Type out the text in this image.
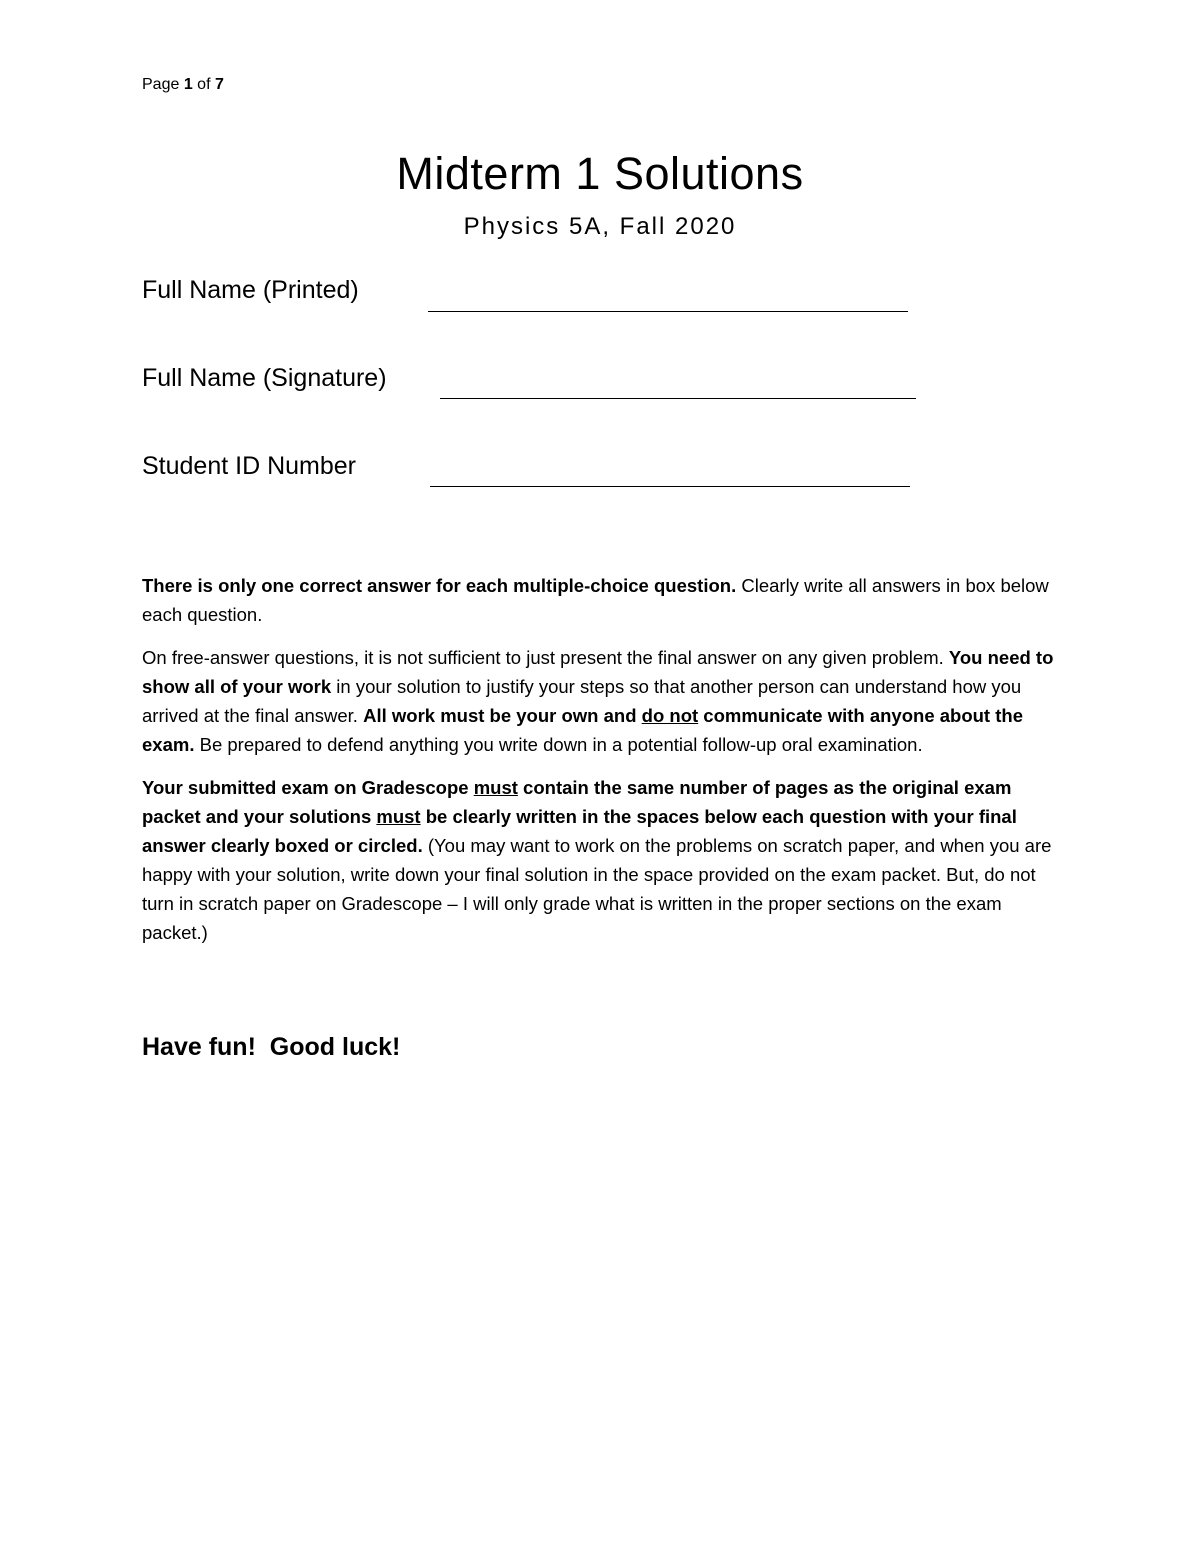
Page 1 of 7
Midterm 1 Solutions
Physics 5A, Fall 2020
Full Name (Printed)
Full Name (Signature)
Student ID Number

There is only one correct answer for each multiple-choice question. Clearly write all answers in box below each question.

On free-answer questions, it is not sufficient to just present the final answer on any given problem. You need to show all of your work in your solution to justify your steps so that another person can understand how you arrived at the final answer. All work must be your own and do not communicate with anyone about the exam. Be prepared to defend anything you write down in a potential follow-up oral examination.

Your submitted exam on Gradescope must contain the same number of pages as the original exam packet and your solutions must be clearly written in the spaces below each question with your final answer clearly boxed or circled. (You may want to work on the problems on scratch paper, and when you are happy with your solution, write down your final solution in the space provided on the exam packet. But, do not turn in scratch paper on Gradescope – I will only grade what is written in the proper sections on the exam packet.)

Have fun!  Good luck!
